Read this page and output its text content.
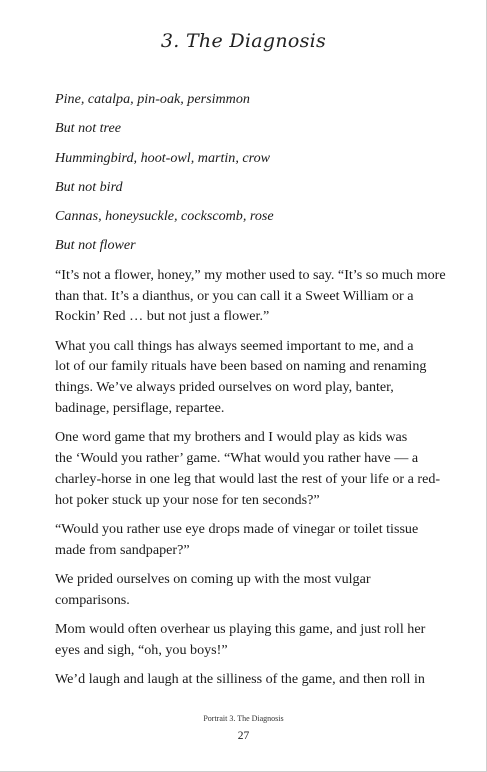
3. The Diagnosis

Pine, catalpa, pin-oak, persimmon

But not tree

Hummingbird, hoot-owl, martin, crow

But not bird

Cannas, honeysuckle, cockscomb, rose

But not flower

“It’s not a flower, honey,” my mother used to say. “It’s so much more
than that. It’s a dianthus, or you can call it a Sweet William or a
Rockin’ Red … but not just a flower.”

What you call things has always seemed important to me, and a
lot of our family rituals have been based on naming and renaming
things. We’ve always prided ourselves on word play, banter,
badinage, persiflage, repartee.

One word game that my brothers and I would play as kids was
the ‘Would you rather’ game. “What would you rather have — a
charley-horse in one leg that would last the rest of your life or a red-
hot poker stuck up your nose for ten seconds?”

“Would you rather use eye drops made of vinegar or toilet tissue
made from sandpaper?”

We prided ourselves on coming up with the most vulgar
comparisons.

Mom would often overhear us playing this game, and just roll her
eyes and sigh, “oh, you boys!”

We’d laugh and laugh at the silliness of the game, and then roll in

Portrait 3. The Diagnosis
27
